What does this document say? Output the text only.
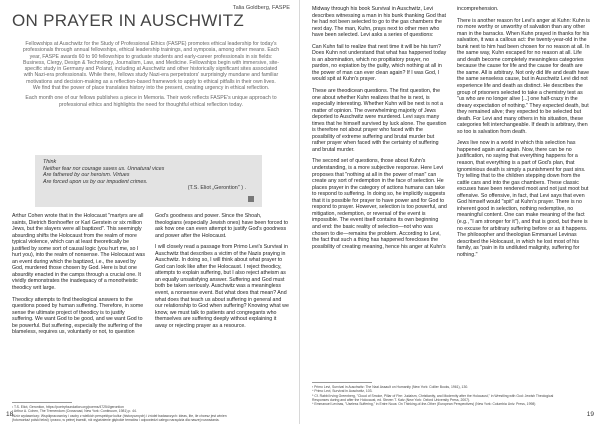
Talia Goldberg, FASPE
ON PRAYER IN AUSCHWITZ

Fellowships at Auschwitz for the Study of Professional Ethics (FASPE) promotes ethical leadership for today's professionals through annual fellowships, ethical leadership trainings, and symposia, among other means. Each year, FASPE awards 60 to 90 fellowships to graduate students and early-career professionals in six fields: Business, Clergy, Design & Technology, Journalism, Law, and Medicine. Fellowships begin with immersive, site-specific study in Germany and Poland, including at Auschwitz and other historically significant sites associated with Nazi-era professionals. While there, fellows study Nazi-era perpetrators' surprisingly mundane and familiar motivations and decision-making as a reflection-based framework to apply to ethical pitfalls in their own lives. We find that the power of place translates history into the present, creating urgency in ethical reflection.

Each month one of our fellows publishes a piece in Memoria. Their work reflects FASPE's unique approach to professional ethics and highlights the need for thoughtful ethical reflection today.

Think
Neither fear nor courage saves us. Unnatural vices
Are fathered by our heroism. Virtues
Are forced upon us by our impudent crimes.
(T.S. Eliot „Gerontion" ) .

Arthur Cohen wrote that in the Holocaust "martyrs are all saints, Dietrich Bonhoeffer or Karl Gerstein or six million Jews, but the slayers were all baptized". This seemingly absurding shifts the Holocaust from the realm of more typical violence, which can at least theoretically be justified by some sort of causal logic (you hurt me, so I hurt you), into the realm of nonsense. The Holocaust was an event during which the baptized, i.e., the saved by God, murdered those chosen by God. Here is but one absurdity enacted in the camps through a crucial one. It vividly demonstrates the inadequacy of a monotheistic theodicy writ large.

Theodicy attempts to find theological answers to the questions posed by human suffering. Therefore, in some sense the ultimate project of theodicy is to justify suffering. We want God to be good, and we want God to be powerful. But suffering, especially the suffering of the blameless, requires us, voluntarily or not, to question

God's goodness and power. Since the Shoah, theologians (especially Jewish ones) have been forced to ask how one can even attempt to justify God's goodness and power after the Holocaust.

I will closely read a passage from Primo Levi's Survival in Auschwitz that describes a victim of the Nazis praying in Auschwitz. In doing so, I will think about what prayer to God can look like after the Holocaust. I reject theodicy, attempts to explain suffering, but I also reject atheism as an equally unsatisfying answer. Suffering and God must both be taken seriously. Auschwitz was a meaningless event, a nonsense event. But what does that mean? And what does that teach us about suffering in general and our relationship to God when suffering? Knowing what we know, we must talk to patients and congregants who themselves are suffering deeply without explaining it away or rejecting prayer as a resource.

¹ T.S. Eliot, Gerontion, https://poetryfoundation.org/poems/47254/gerontion
² Arthur A. Cohen, The Tremendum (Crossroad, New York: Continuum, 1981) p. 44.
Wzór wydawniczy: Współpracownicy i osoby z wielkich perspektyw kultur (historycznych) i źródeł badawczych: ideas, lite, ile chcesz jest winien
(fotomontaż polski tekst) i prawo, w pełnej kwestii, niż wyjaśnienie głębokie tematów i odpowiedzi całego narzędzia dla naszej rozważania.
18

Midway through his book Survival in Auschwitz, Levi describes witnessing a man in his bunk thanking God that he had not been selected to go to the gas chambers the next day. The man, Kuhn, prays next to other men who have been selected. Levi asks a series of questions:

Can Kuhn fail to realize that next time it will be his turn? Does Kuhn not understand that what has happened today is an abomination, which no propitiatory prayer, no pardon, no expiation by the guilty, which nothing at all in the power of man can ever clean again? If I was God, I would spit at Kuhn's prayer.

These are theodicean questions. The first question, the one about whether Kuhn realizes that he is next, is especially interesting. Whether Kuhn will be next is not a matter of opinion. The overwhelming majority of Jews deported to Auschwitz were murdered. Levi says many times that he himself survived by luck alone. The question is therefore not about prayer who faced with the possibility of extreme suffering and brutal murder but rather prayer when faced with the certainty of suffering and brutal murder.

The second set of questions, those about Kuhn's understanding, is a more subjective response. Here Levi proposes that "nothing at all in the power of man" can create any sort of redemption in the face of selection. He places prayer in the category of actions humans can take to respond to suffering. In doing so, he implicitly suggests that it is possible for prayer to have power and for God to respond to prayer. However, selection is too powerful, and mitigation, redemption, or reversal of the event is impossible. The event itself contains its own beginning and end: the basic reality of selection—not who was chosen to die—remains the problem. According to Levi, the fact that such a thing has happened forecloses the possibility of creating meaning, hence his anger at Kuhn's

incomprehension.

There is another reason for Levi's anger at Kuhn: Kuhn is no more worthy or unworthy of salvation than any other man in the barracks. When Kuhn prayed in thanks for his salvation, it was a callous act: the twenty-year-old in the bunk next to him had been chosen for no reason at all. In the same way, Kuhn escaped for no reason at all. Life and death become completely meaningless categories because the cause for life and the cause for death are the same. All is arbitrary. Not only did life and death have the same senseless cause, but in Auschwitz Levi did not experience life and death as distinct. He describes the group of prisoners selected to take a chemistry test as "us who are no longer alive [...] one half-crazy in the dreary expectation of nothing." They expected death, but they remained alive; they expected to be selected but death. For Levi and many others in his situation, these categories felt interchangeable. If death is arbitrary, then so too is salvation from death.

Jews live now in a world in which this selection has happened again and again. Now, there can be no justification, no saying that everything happens for a reason, that everything is a part of God's plan, that ignominious death is simply a punishment for past sins. Try telling that to the children stepping down from the cattle cars and into the gas chambers. These classic excuses have been rendered moot and not just moot but offensive. So offensive, in fact, that Levi says that even God himself would "spit" at Kuhn's prayer. There is no inherent good in selection, nothing redemptive, no meaningful content. One can make meaning of the fact (e.g., "I am stronger for it"), and that is good, but there is no excuse for arbitrary suffering before or as it happens. The philosopher and theologian Emmanuel Levinas described the Holocaust, in which he lost most of his family, as "pain in its undiluted malignity, suffering for nothing."

³ Primo Levi, Survival in Auschwitz: The Nazi Assault on Humanity (New York: Collier Books, 1961), 130.
⁴ Primo Levi, Survival in Auschwitz, 103.
⁵ Cf. Rabbi Irving Greenberg, "Cloud of Smoke, Pillar of Fire: Judaism, Christianity, and Modernity after the Holocaust," in Wrestling with God: Jewish Theological
Responses during and after the Holocaust, ed. Steven T. Katz (New York: Oxford University Press, 2007).
⁶ Emmanuel Levinas, "Useless Suffering," in Entre Nous: On Thinking-of-the-Other (European Perspectives) (New York: Columbia Univ. Press, 1998)
19
